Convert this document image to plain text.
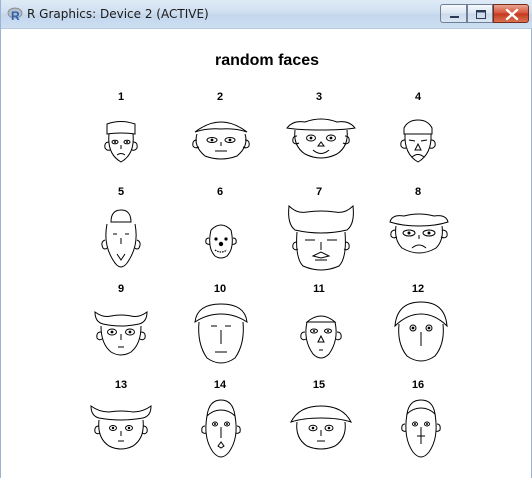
R R Graphics: Device 2 (ACTIVE)
random faces
1	2	3	4
5	6	7	8
9	10	11	12
13	14	15	16
